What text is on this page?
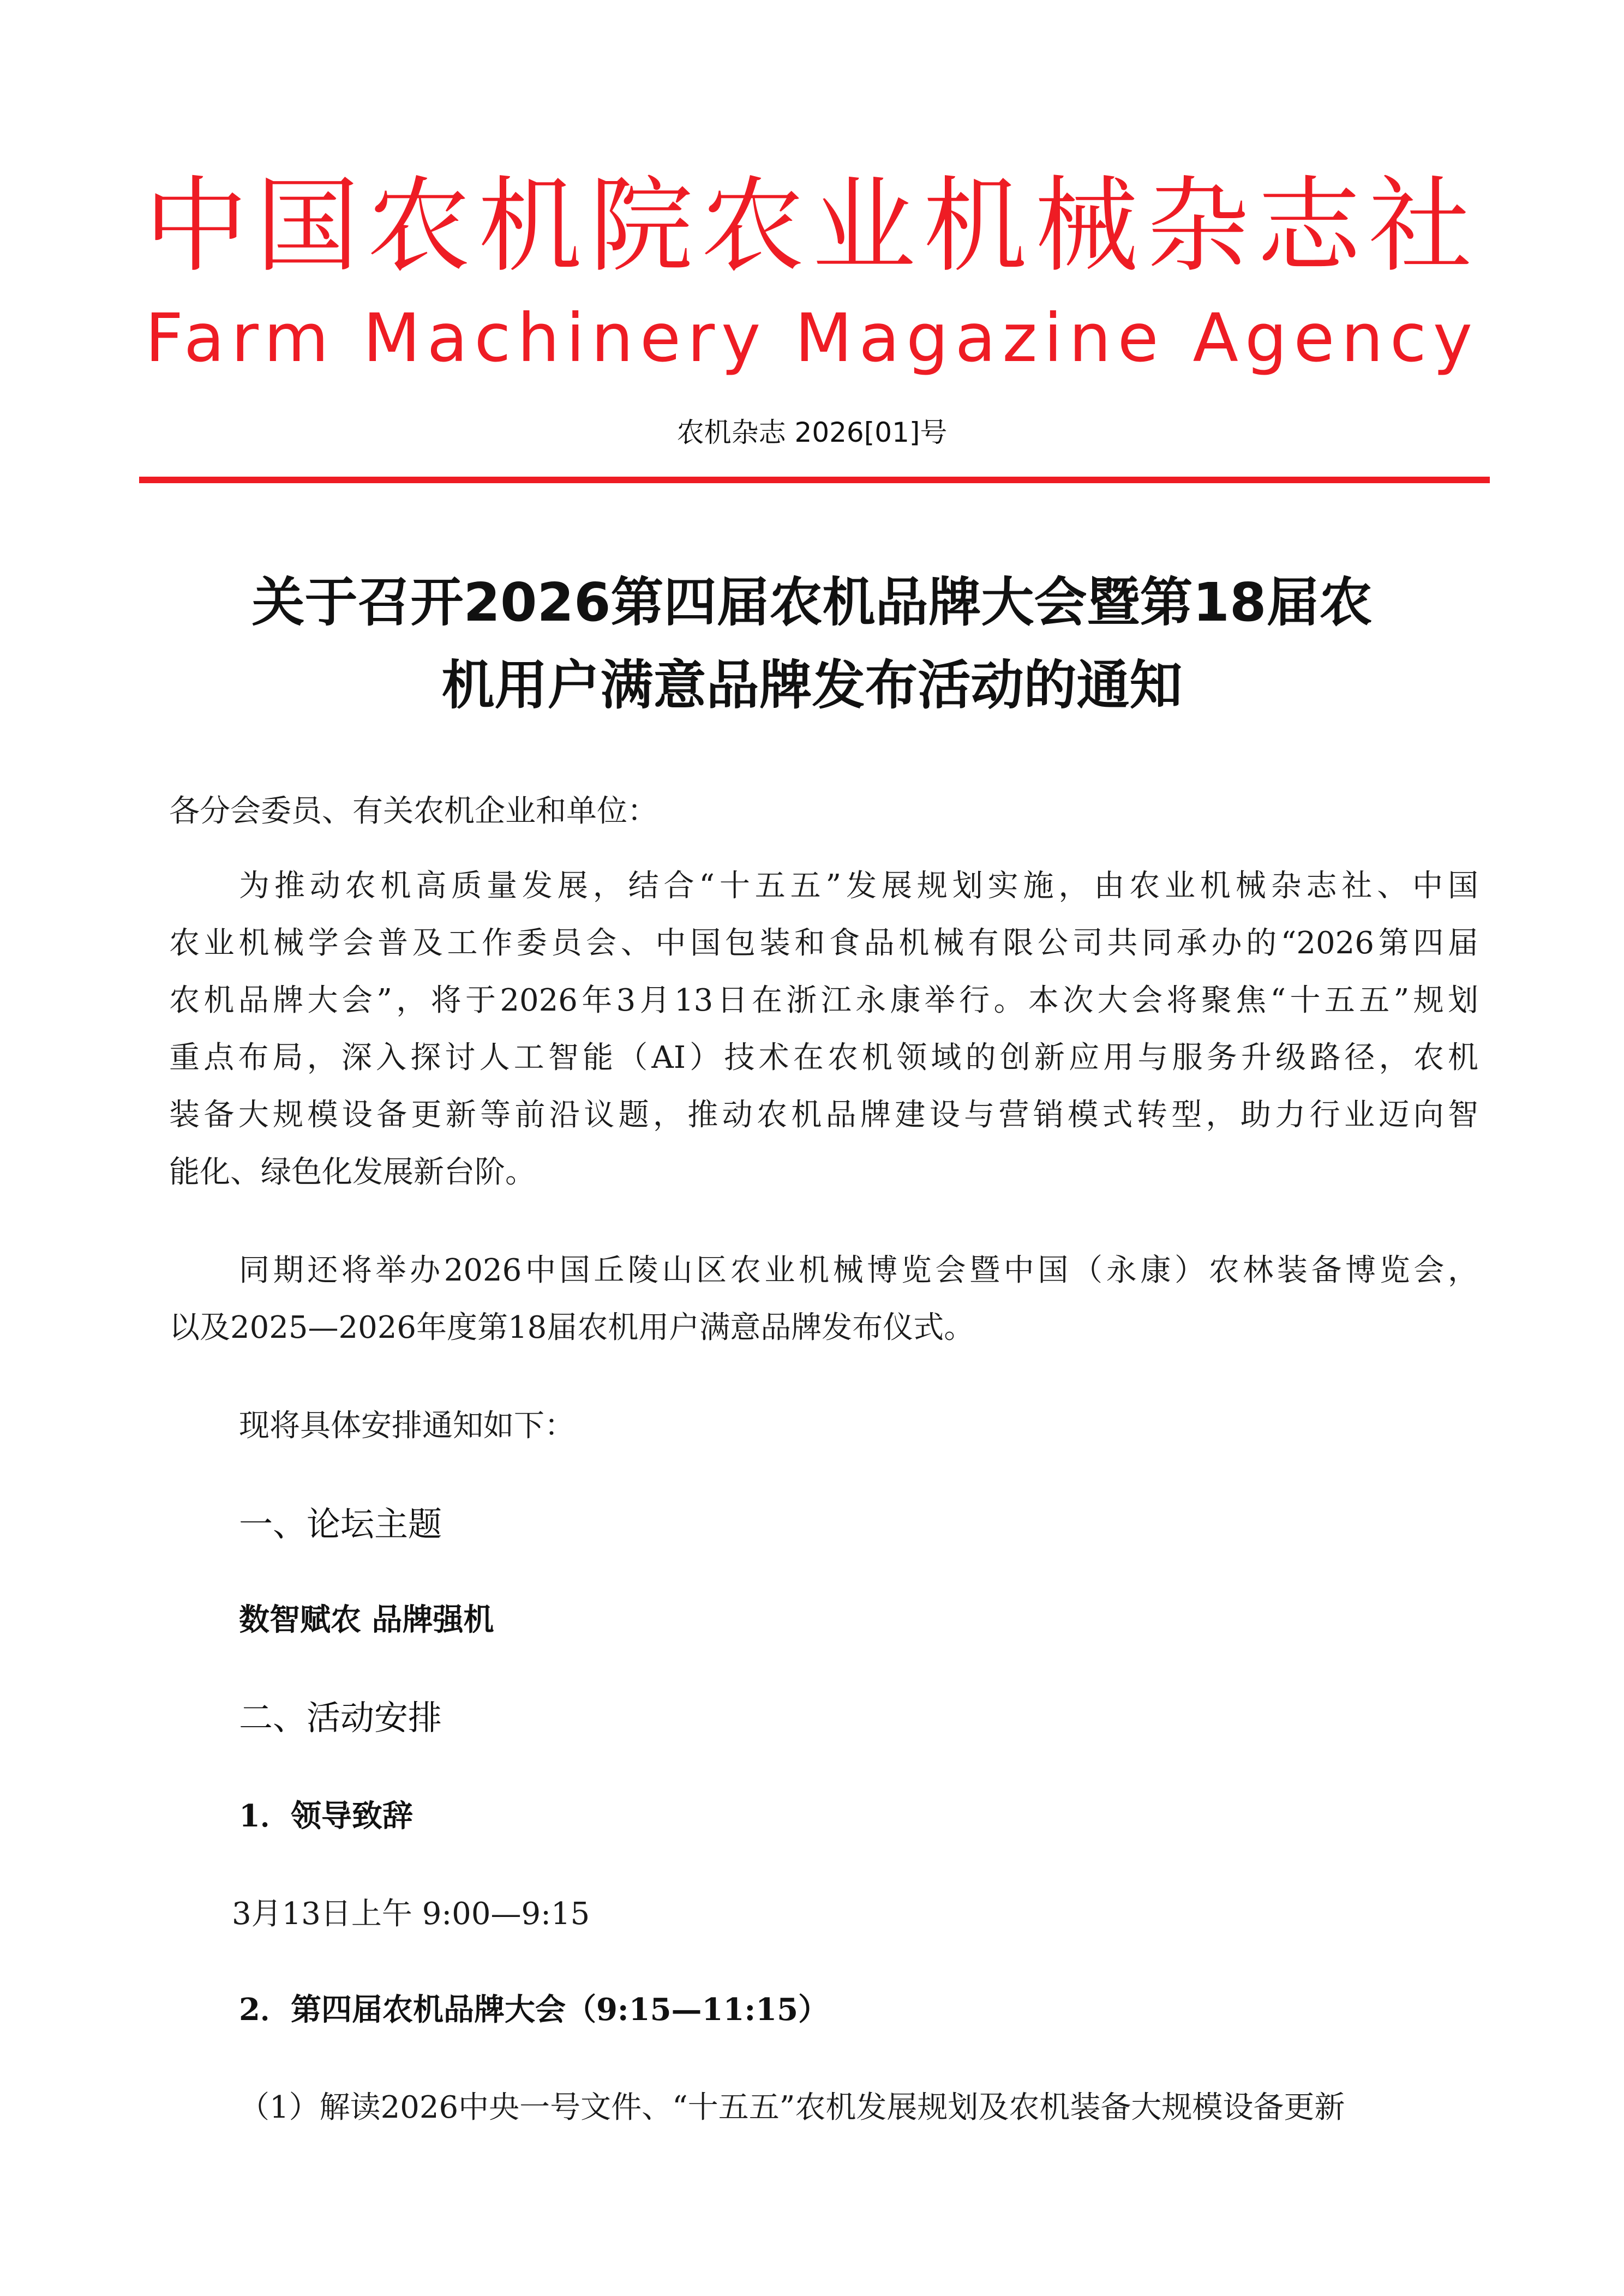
中国农机院农业机械杂志社
Farm Machinery Magazine Agency
农机杂志 2026[01]号
关于召开2026第四届农机品牌大会暨第18届农
机用户满意品牌发布活动的通知
各分会委员、有关农机企业和单位：
为推动农机高质量发展，结合“十五五”发展规划实施，由农业机械杂志社、中国
农业机械学会普及工作委员会、中国包装和食品机械有限公司共同承办的“2026第四届
农机品牌大会”，将于2026年3月13日在浙江永康举行。本次大会将聚焦“十五五”规划
重点布局，深入探讨人工智能（AI）技术在农机领域的创新应用与服务升级路径，农机
装备大规模设备更新等前沿议题，推动农机品牌建设与营销模式转型，助力行业迈向智
能化、绿色化发展新台阶。
同期还将举办2026中国丘陵山区农业机械博览会暨中国（永康）农林装备博览会，
以及2025—2026年度第18届农机用户满意品牌发布仪式。
现将具体安排通知如下：
一、论坛主题
数智赋农 品牌强机
二、活动安排
1．领导致辞
3月13日上午 9:00—9:15
2．第四届农机品牌大会（9:15—11:15）
（1）解读2026中央一号文件、“十五五”农机发展规划及农机装备大规模设备更新
